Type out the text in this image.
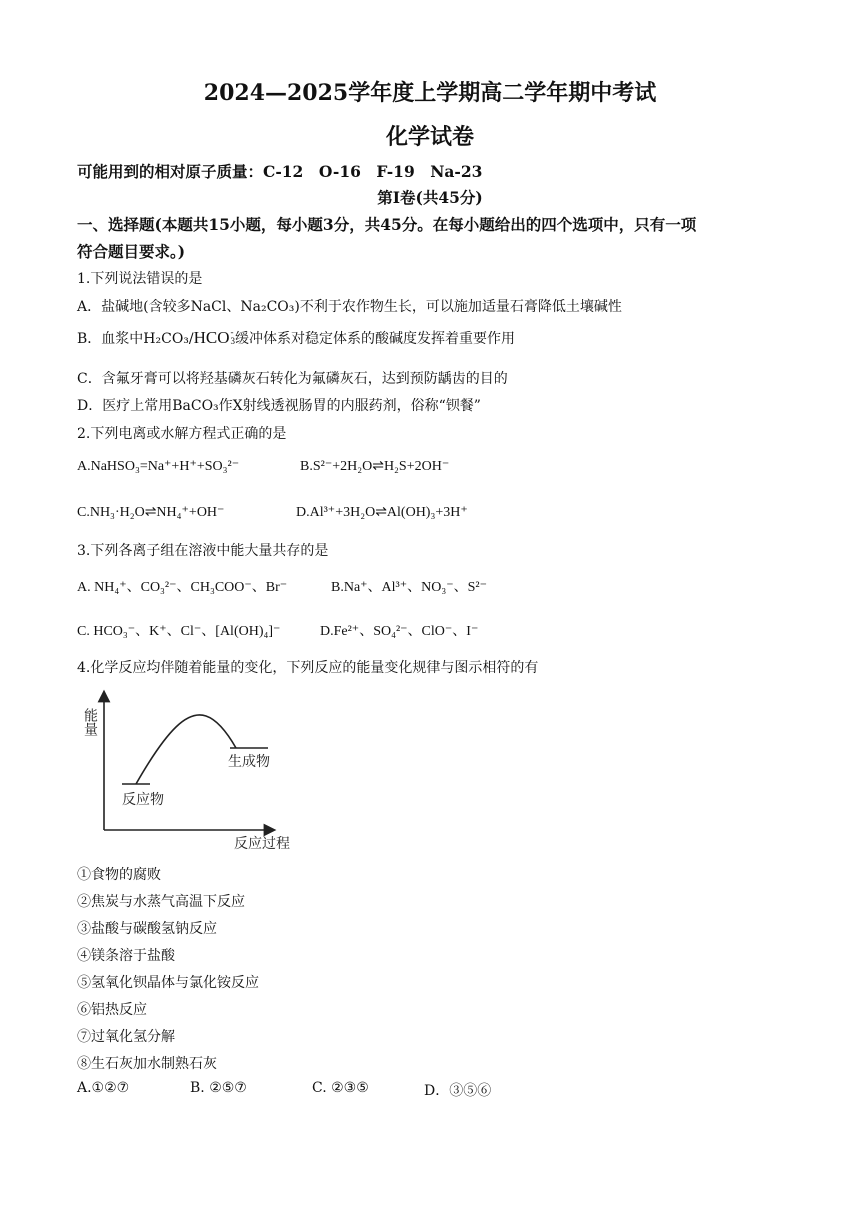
2024—2025学年度上学期高二学年期中考试
化学试卷
可能用到的相对原子质量：C-12　O-16　F-19　Na-23
第Ⅰ卷(共45分)
一、选择题(本题共15小题，每小题3分，共45分。在每小题给出的四个选项中，只有一项
符合题目要求。)
1.下列说法错误的是
A．盐碱地(含较多NaCl、Na₂CO₃)不利于农作物生长，可以施加适量石膏降低土壤碱性
B．血浆中H₂CO₃/ HCO -
3 缓冲体系对稳定体系的酸碱度发挥着重要作用
C．含氟牙膏可以将羟基磷灰石转化为氟磷灰石，达到预防龋齿的目的
D．医疗上常用BaCO₃作X射线透视肠胃的内服药剂，俗称“钡餐”
2.下列电离或水解方程式正确的是
A.NaHSO₃=Na⁺+H⁺+SO₃²⁻	B.S²⁻+2H₂O⇌H₂S+2OH⁻
C.NH₃·H₂O⇌NH₄⁺+OH⁻	D.Al³⁺+3H₂O⇌Al(OH)₃+3H⁺
3.下列各离子组在溶液中能大量共存的是
A. NH₄⁺、CO₃²⁻、CH₃COO⁻、Br⁻	B.Na⁺、Al³⁺、NO₃⁻、S²⁻
C. HCO₃⁻、K⁺、Cl⁻、[Al(OH)₄]⁻	D.Fe²⁺、SO₄²⁻、ClO⁻、I⁻
4.化学反应均伴随着能量的变化，下列反应的能量变化规律与图示相符的有
能量
反应过程
反应物
生成物
①食物的腐败
②焦炭与水蒸气高温下反应
③盐酸与碳酸氢钠反应
④镁条溶于盐酸
⑤氢氧化钡晶体与氯化铵反应
⑥铝热反应
⑦过氧化氢分解
⑧生石灰加水制熟石灰
A.①②⑦	B. ②⑤⑦	C. ②③⑤	D．③⑤⑥
